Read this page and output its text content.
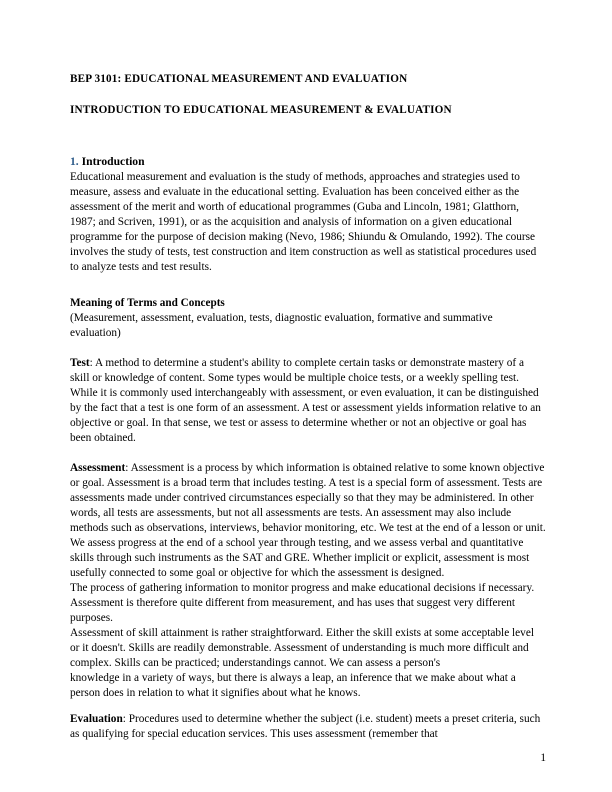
BEP 3101: EDUCATIONAL MEASUREMENT AND EVALUATION
INTRODUCTION TO EDUCATIONAL MEASUREMENT & EVALUATION
1. Introduction

Educational measurement and evaluation is the study of methods, approaches and strategies used to measure, assess and evaluate in the educational setting. Evaluation has been conceived either as the assessment of the merit and worth of educational programmes (Guba and Lincoln, 1981; Glatthorn, 1987; and Scriven, 1991), or as the acquisition and analysis of information on a given educational programme for the purpose of decision making (Nevo, 1986; Shiundu & Omulando, 1992). The course involves the study of tests, test construction and item construction as well as statistical procedures used to analyze tests and test results.

Meaning of Terms and Concepts

(Measurement, assessment, evaluation, tests, diagnostic evaluation, formative and summative evaluation)

Test: A method to determine a student's ability to complete certain tasks or demonstrate mastery of a skill or knowledge of content. Some types would be multiple choice tests, or a weekly spelling test. While it is commonly used interchangeably with assessment, or even evaluation, it can be distinguished by the fact that a test is one form of an assessment. A test or assessment yields information relative to an objective or goal. In that sense, we test or assess to determine whether or not an objective or goal has been obtained.

Assessment: Assessment is a process by which information is obtained relative to some known objective or goal. Assessment is a broad term that includes testing. A test is a special form of assessment. Tests are assessments made under contrived circumstances especially so that they may be administered. In other words, all tests are assessments, but not all assessments are tests. An assessment may also include methods such as observations, interviews, behavior monitoring, etc. We test at the end of a lesson or unit. We assess progress at the end of a school year through testing, and we assess verbal and quantitative skills through such instruments as the SAT and GRE. Whether implicit or explicit, assessment is most usefully connected to some goal or objective for which the assessment is designed.

The process of gathering information to monitor progress and make educational decisions if necessary. Assessment is therefore quite different from measurement, and has uses that suggest very different purposes.

Assessment of skill attainment is rather straightforward. Either the skill exists at some acceptable level or it doesn't. Skills are readily demonstrable. Assessment of understanding is much more difficult and complex. Skills can be practiced; understandings cannot. We can assess a person's

knowledge in a variety of ways, but there is always a leap, an inference that we make about what a person does in relation to what it signifies about what he knows.

Evaluation: Procedures used to determine whether the subject (i.e. student) meets a preset criteria, such as qualifying for special education services. This uses assessment (remember that

1
